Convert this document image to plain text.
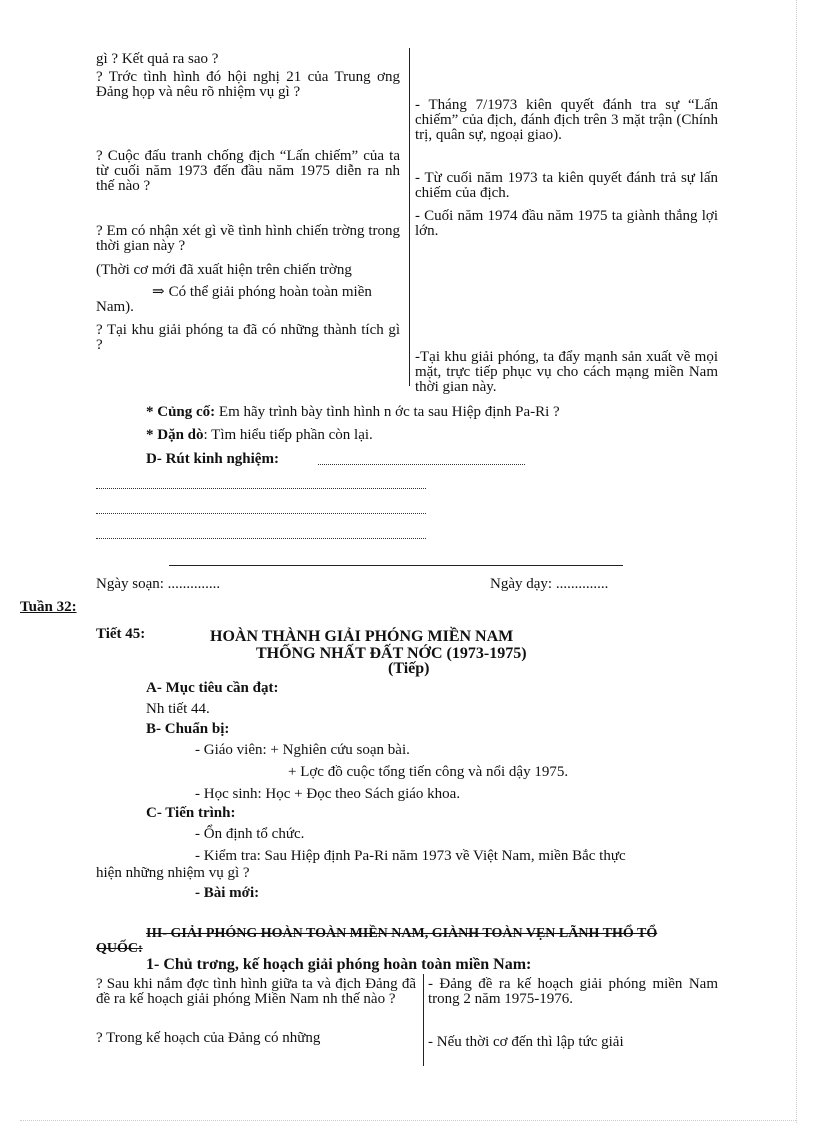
gì ? Kết quả ra sao ?
? Trớc tình hình đó hội nghị 21 của Trung ơng Đảng họp và nêu rõ nhiệm vụ gì ?
? Cuộc đấu tranh chống địch “Lấn chiếm” của ta từ cuối năm 1973 đến đầu năm 1975 diễn ra nh thế nào ?
? Em có nhận xét gì về tình hình chiến trờng trong thời gian này ?
(Thời cơ mới đã xuất hiện trên chiến trờng
⇒ Có thể giải phóng hoàn toàn miền Nam).
? Tại khu giải phóng ta đã có những thành tích gì ?
- Tháng 7/1973 kiên quyết đánh tra sự “Lấn chiếm” của địch, đánh địch trên 3 mặt trận (Chính trị, quân sự, ngoại giao).
- Từ cuối năm 1973 ta kiên quyết đánh trả sự lấn chiếm của địch.
- Cuối năm 1974 đầu năm 1975 ta giành thắng lợi lớn.
-Tại khu giải phóng, ta đẩy mạnh sản xuất về mọi mặt, trực tiếp phục vụ cho cách mạng miền Nam thời gian này.
* Củng cố: Em hãy trình bày tình hình n ớc ta sau Hiệp định Pa-Ri ?
* Dặn dò: Tìm hiểu tiếp phần còn lại.
D- Rút kinh nghiệm:
Ngày soạn: ..............	Ngày dạy: ..............
Tuần 32:
Tiết 45:	HOÀN THÀNH GIẢI PHÓNG MIỀN NAM
THỐNG NHẤT ĐẤT NỚC (1973-1975)
(Tiếp)
A- Mục tiêu cần đạt:
Nh tiết 44.
B- Chuẩn bị:
- Giáo viên: + Nghiên cứu soạn bài.
+ Lợc đồ cuộc tổng tiến công và nổi dậy 1975.
- Học sinh: Học + Đọc theo Sách giáo khoa.
C- Tiến trình:
- Ổn định tổ chức.
- Kiểm tra: Sau Hiệp định Pa-Ri năm 1973 về Việt Nam, miền Bắc thực
hiện những nhiệm vụ gì ?
- Bài mới:
III- GIẢI PHÓNG HOÀN TOÀN MIỀN NAM, GIÀNH TOÀN VẸN LÃNH THỔ TỔ
QUỐC:
1- Chủ trơng, kế hoạch giải phóng hoàn toàn miền Nam:
? Sau khi nắm đợc tình hình giữa ta và địch Đảng đã đề ra kế hoạch giải phóng Miền Nam nh thế nào ?
? Trong kế hoạch của Đảng có những
- Đảng đề ra kế hoạch giải phóng miền Nam trong 2 năm 1975-1976.
- Nếu thời cơ đến thì lập tức giải
